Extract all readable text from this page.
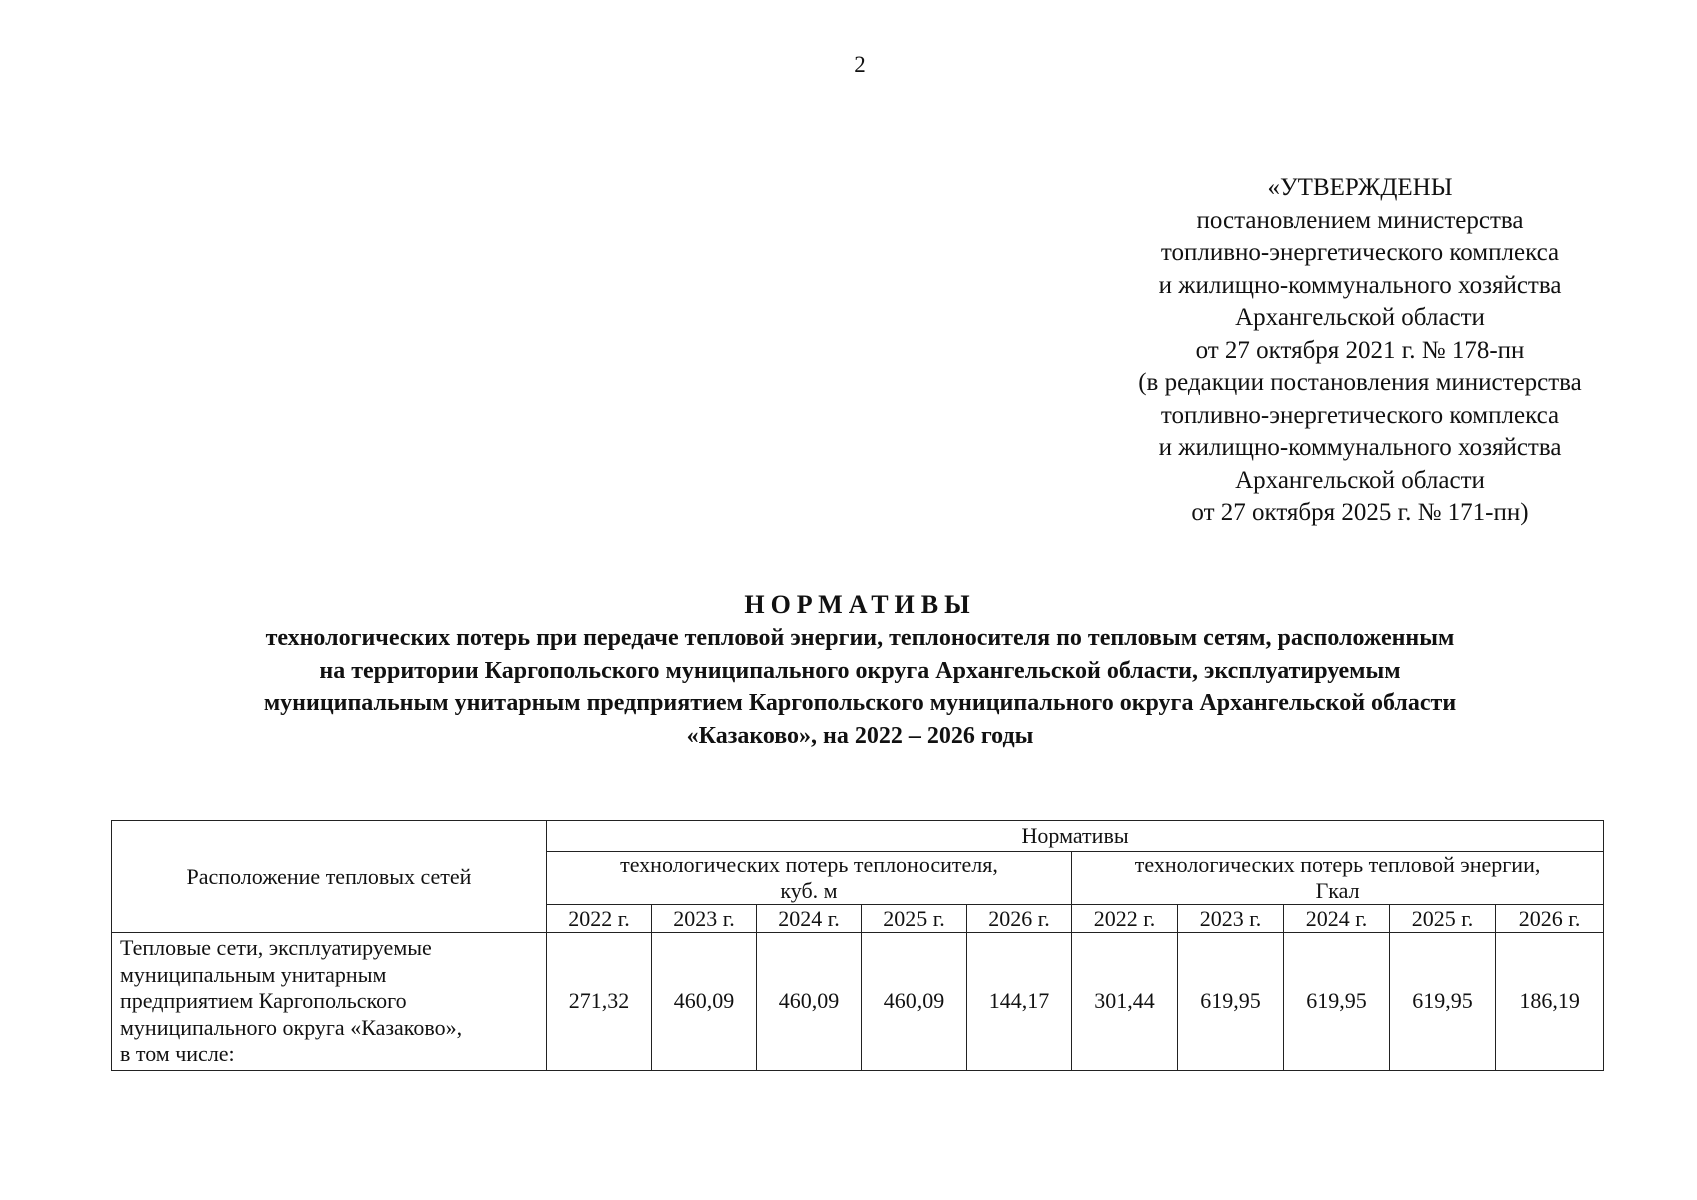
2
«УТВЕРЖДЕНЫ
постановлением министерства
топливно-энергетического комплекса
и жилищно-коммунального хозяйства
Архангельской области
от 27 октября 2021 г. № 178-пн
(в редакции постановления министерства
топливно-энергетического комплекса
и жилищно-коммунального хозяйства
Архангельской области
от 27 октября 2025 г. № 171-пн)
НОРМАТИВЫ
технологических потерь при передаче тепловой энергии, теплоносителя по тепловым сетям, расположенным
на территории Каргопольского муниципального округа Архангельской области, эксплуатируемым
муниципальным унитарным предприятием Каргопольского муниципального округа Архангельской области
«Казаково», на 2022 – 2026 годы
Расположение тепловых сетей	Нормативы									

	технологических потерь теплоносителя,
куб. м					технологических потерь тепловой энергии,
Гкал				

	2022 г.	2023 г.	2024 г.	2025 г.	2026 г.	2022 г.	2023 г.	2024 г.	2025 г.	2026 г.

Тепловые сети, эксплуатируемые
муниципальным унитарным
предприятием Каргопольского
муниципального округа «Казаково»,
в том числе:	271,32	460,09	460,09	460,09	144,17	301,44	619,95	619,95	619,95	186,19
